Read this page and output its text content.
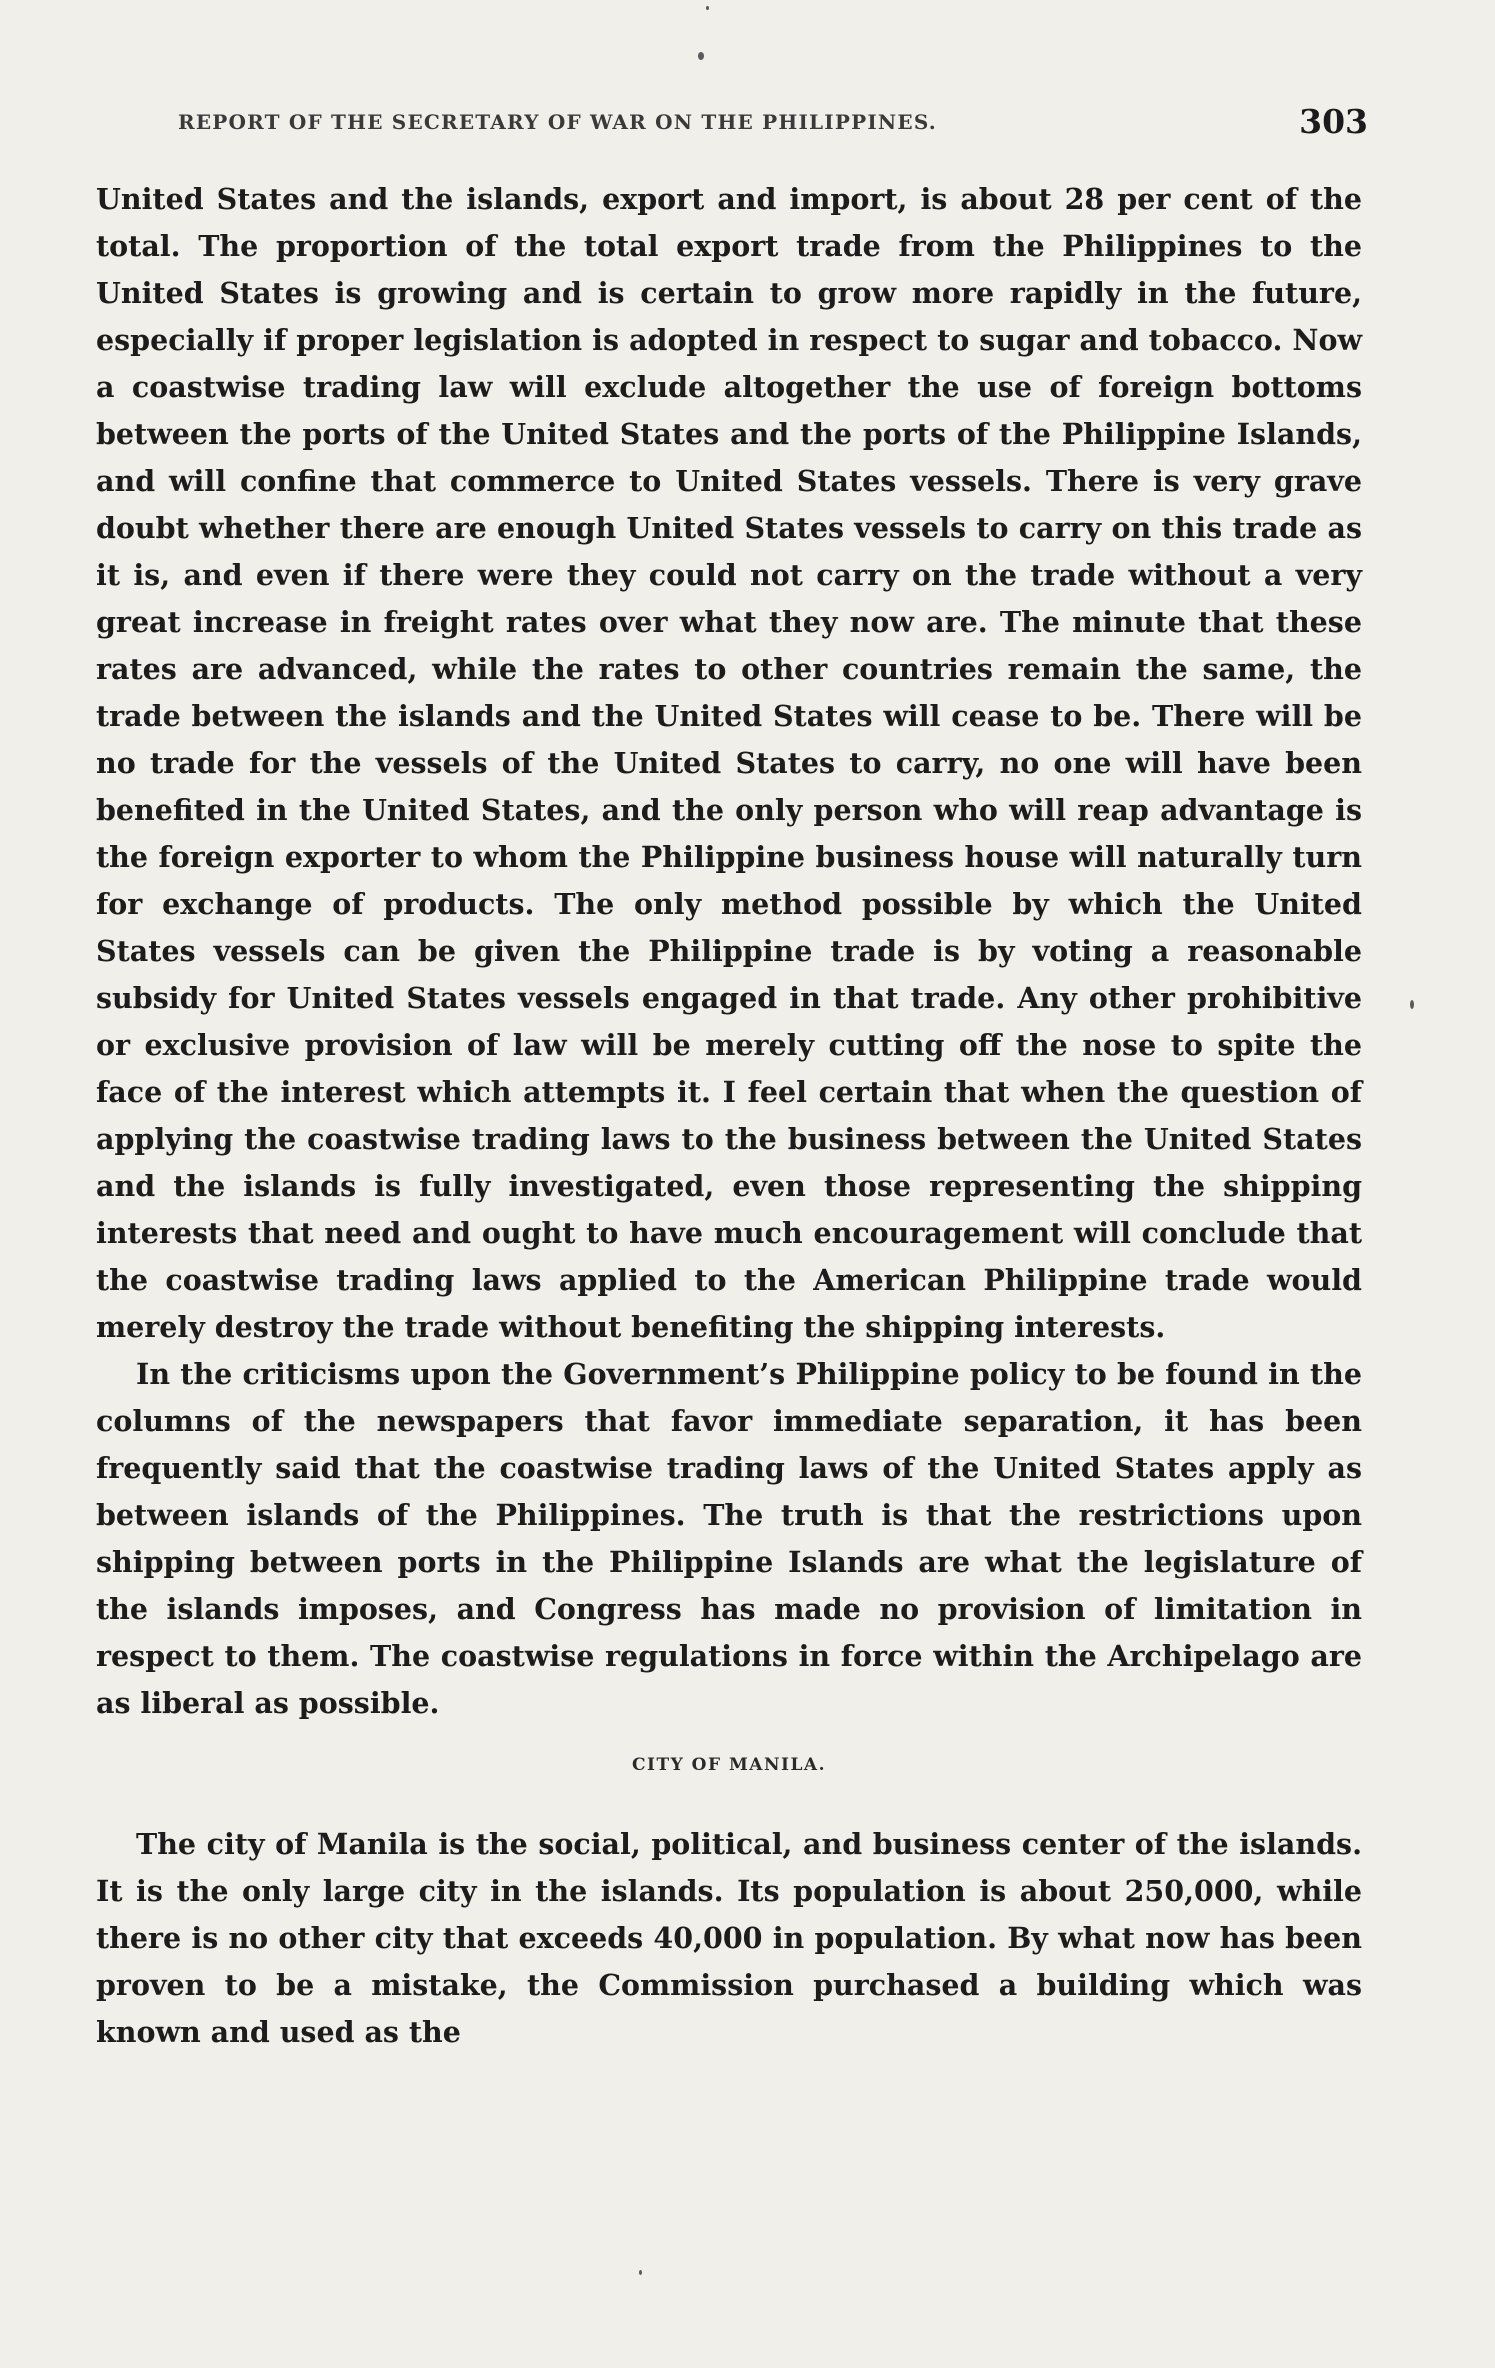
REPORT OF THE SECRETARY OF WAR ON THE PHILIPPINES.	303

United States and the islands, export and import, is about 28 per cent of the total. The proportion of the total export trade from the Philippines to the United States is growing and is certain to grow more rapidly in the future, especially if proper legislation is adopted in respect to sugar and tobacco. Now a coastwise trading law will exclude altogether the use of foreign bottoms between the ports of the United States and the ports of the Philippine Islands, and will confine that commerce to United States vessels. There is very grave doubt whether there are enough United States vessels to carry on this trade as it is, and even if there were they could not carry on the trade without a very great increase in freight rates over what they now are. The minute that these rates are advanced, while the rates to other countries remain the same, the trade between the islands and the United States will cease to be. There will be no trade for the vessels of the United States to carry, no one will have been benefited in the United States, and the only person who will reap advantage is the foreign exporter to whom the Philippine business house will naturally turn for exchange of products. The only method possible by which the United States vessels can be given the Philippine trade is by voting a reasonable subsidy for United States vessels engaged in that trade. Any other prohibitive or exclusive provision of law will be merely cutting off the nose to spite the face of the interest which attempts it. I feel certain that when the question of applying the coastwise trading laws to the business between the United States and the islands is fully investigated, even those representing the shipping interests that need and ought to have much encouragement will conclude that the coastwise trading laws applied to the American Philippine trade would merely destroy the trade without benefiting the shipping interests.

In the criticisms upon the Government’s Philippine policy to be found in the columns of the newspapers that favor immediate separation, it has been frequently said that the coastwise trading laws of the United States apply as between islands of the Philippines. The truth is that the restrictions upon shipping between ports in the Philippine Islands are what the legislature of the islands imposes, and Congress has made no provision of limitation in respect to them. The coastwise regulations in force within the Archipelago are as liberal as possible.

CITY OF MANILA.

The city of Manila is the social, political, and business center of the islands. It is the only large city in the islands. Its population is about 250,000, while there is no other city that exceeds 40,000 in population. By what now has been proven to be a mistake, the Commission purchased a building which was known and used as the
